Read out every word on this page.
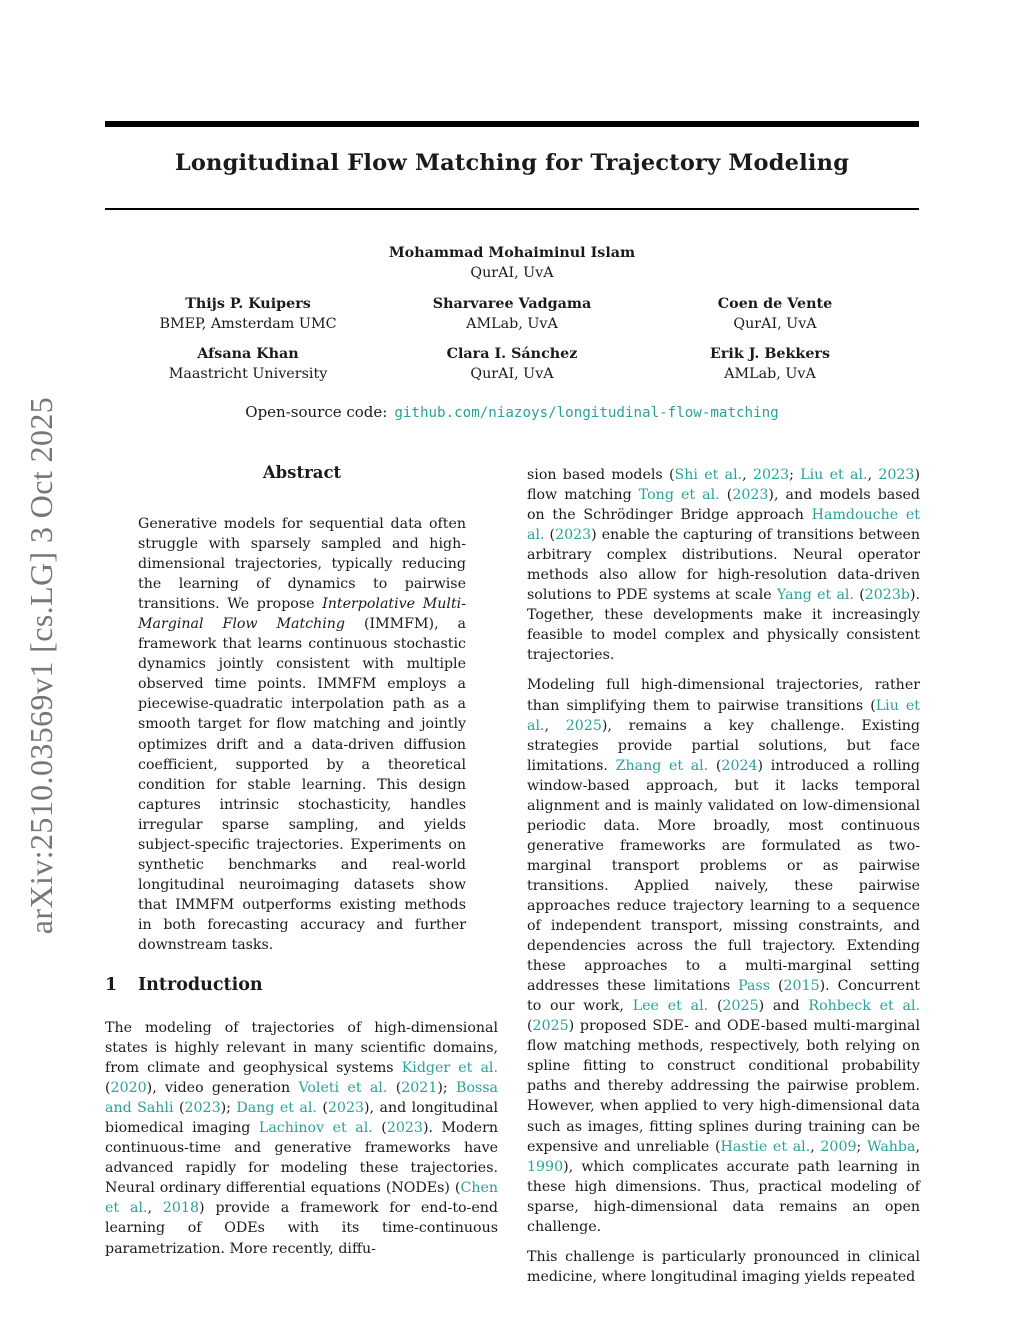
arXiv:2510.03569v1 [cs.LG] 3 Oct 2025
Longitudinal Flow Matching for Trajectory Modeling
Mohammad Mohaiminul Islam
QurAI, UvA
Thijs P. Kuipers
BMEP, Amsterdam UMC
Sharvaree Vadgama
AMLab, UvA
Coen de Vente
QurAI, UvA
Afsana Khan
Maastricht University
Clara I. Sánchez
QurAI, UvA
Erik J. Bekkers
AMLab, UvA
Open-source code: github.com/niazoys/longitudinal-flow-matching
Abstract
Generative models for sequential data often struggle with sparsely sampled and high-dimensional trajectories, typically reducing the learning of dynamics to pairwise transitions. We propose Interpolative Multi-Marginal Flow Matching (IMMFM), a framework that learns continuous stochastic dynamics jointly consistent with multiple observed time points. IMMFM employs a piecewise-quadratic interpolation path as a smooth target for flow matching and jointly optimizes drift and a data-driven diffusion coefficient, supported by a theoretical condition for stable learning. This design captures intrinsic stochasticity, handles irregular sparse sampling, and yields subject-specific trajectories. Experiments on synthetic benchmarks and real-world longitudinal neuroimaging datasets show that IMMFM outperforms existing methods in both forecasting accuracy and further downstream tasks.
1 Introduction

The modeling of trajectories of high-dimensional states is highly relevant in many scientific domains, from climate and geophysical systems Kidger et al. (2020), video generation Voleti et al. (2021); Bossa and Sahli (2023); Dang et al. (2023), and longitudinal biomedical imaging Lachinov et al. (2023). Modern continuous-time and generative frameworks have advanced rapidly for modeling these trajectories. Neural ordinary differential equations (NODEs) (Chen et al., 2018) provide a framework for end-to-end learning of ODEs with its time-continuous parametrization. More recently, diffu-

sion based models (Shi et al., 2023; Liu et al., 2023) flow matching Tong et al. (2023), and models based on the Schrödinger Bridge approach Hamdouche et al. (2023) enable the capturing of transitions between arbitrary complex distributions. Neural operator methods also allow for high-resolution data-driven solutions to PDE systems at scale Yang et al. (2023b). Together, these developments make it increasingly feasible to model complex and physically consistent trajectories.

Modeling full high-dimensional trajectories, rather than simplifying them to pairwise transitions (Liu et al., 2025), remains a key challenge. Existing strategies provide partial solutions, but face limitations. Zhang et al. (2024) introduced a rolling window-based approach, but it lacks temporal alignment and is mainly validated on low-dimensional periodic data. More broadly, most continuous generative frameworks are formulated as two-marginal transport problems or as pairwise transitions. Applied naively, these pairwise approaches reduce trajectory learning to a sequence of independent transport, missing constraints, and dependencies across the full trajectory. Extending these approaches to a multi-marginal setting addresses these limitations Pass (2015). Concurrent to our work, Lee et al. (2025) and Rohbeck et al. (2025) proposed SDE- and ODE-based multi-marginal flow matching methods, respectively, both relying on spline fitting to construct conditional probability paths and thereby addressing the pairwise problem. However, when applied to very high-dimensional data such as images, fitting splines during training can be expensive and unreliable (Hastie et al., 2009; Wahba, 1990), which complicates accurate path learning in these high dimensions. Thus, practical modeling of sparse, high-dimensional data remains an open challenge.

This challenge is particularly pronounced in clinical medicine, where longitudinal imaging yields repeated
